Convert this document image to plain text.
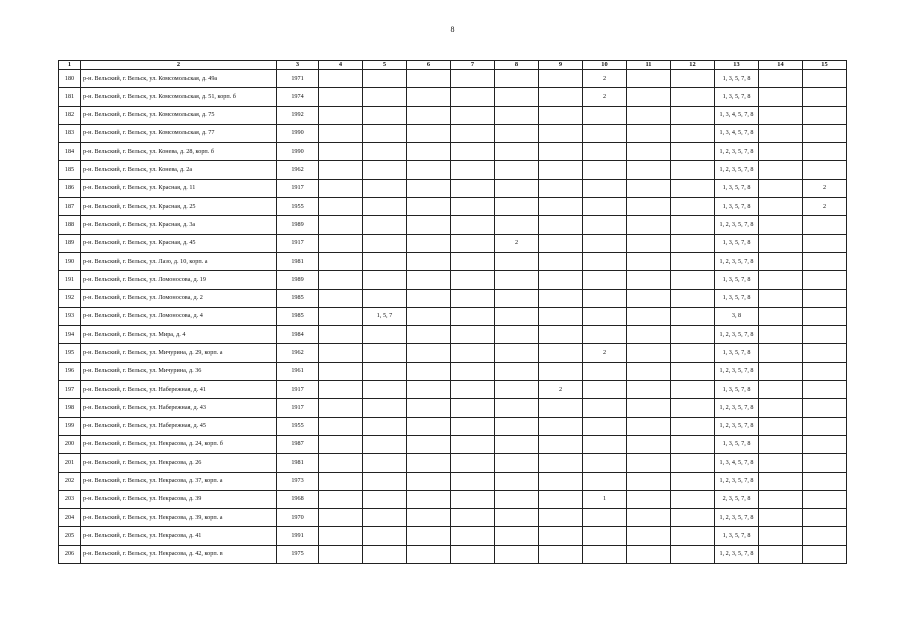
8
1	2	3	4	5	6	7	8	9	10	11	12	13	14	15
180	р-н. Вельский, г. Вельск, ул. Комсомольская, д. 49а	1971							2			1, 3, 5, 7, 8		
181	р-н. Вельский, г. Вельск, ул. Комсомольская, д. 51, корп. б	1974							2			1, 3, 5, 7, 8		
182	р-н. Вельский, г. Вельск, ул. Комсомольская, д. 75	1992										1, 3, 4, 5, 7, 8		
183	р-н. Вельский, г. Вельск, ул. Комсомольская, д. 77	1990										1, 3, 4, 5, 7, 8		
184	р-н. Вельский, г. Вельск, ул. Конева, д. 28, корп. б	1990										1, 2, 3, 5, 7, 8		
185	р-н. Вельский, г. Вельск, ул. Конева, д. 2а	1962										1, 2, 3, 5, 7, 8		
186	р-н. Вельский, г. Вельск, ул. Красная, д. 11	1917										1, 3, 5, 7, 8		2
187	р-н. Вельский, г. Вельск, ул. Красная, д. 25	1955										1, 3, 5, 7, 8		2
188	р-н. Вельский, г. Вельск, ул. Красная, д. 3а	1989										1, 2, 3, 5, 7, 8		
189	р-н. Вельский, г. Вельск, ул. Красная, д. 45	1917					2					1, 3, 5, 7, 8		
190	р-н. Вельский, г. Вельск, ул. Лазо, д. 10, корп. а	1981										1, 2, 3, 5, 7, 8		
191	р-н. Вельский, г. Вельск, ул. Ломоносова, д. 19	1989										1, 3, 5, 7, 8		
192	р-н. Вельский, г. Вельск, ул. Ломоносова, д. 2	1985										1, 3, 5, 7, 8		
193	р-н. Вельский, г. Вельск, ул. Ломоносова, д. 4	1985		1, 5, 7								3, 8		
194	р-н. Вельский, г. Вельск, ул. Мира, д. 4	1984										1, 2, 3, 5, 7, 8		
195	р-н. Вельский, г. Вельск, ул. Мичурина, д. 29, корп. а	1962							2			1, 3, 5, 7, 8		
196	р-н. Вельский, г. Вельск, ул. Мичурина, д. 36	1961										1, 2, 3, 5, 7, 8		
197	р-н. Вельский, г. Вельск, ул. Набережная, д. 41	1917						2				1, 3, 5, 7, 8		
198	р-н. Вельский, г. Вельск, ул. Набережная, д. 43	1917										1, 2, 3, 5, 7, 8		
199	р-н. Вельский, г. Вельск, ул. Набережная, д. 45	1955										1, 2, 3, 5, 7, 8		
200	р-н. Вельский, г. Вельск, ул. Некрасова, д. 24, корп. б	1987										1, 3, 5, 7, 8		
201	р-н. Вельский, г. Вельск, ул. Некрасова, д. 26	1981										1, 3, 4, 5, 7, 8		
202	р-н. Вельский, г. Вельск, ул. Некрасова, д. 37, корп. а	1973										1, 2, 3, 5, 7, 8		
203	р-н. Вельский, г. Вельск, ул. Некрасова, д. 39	1968							1			2, 3, 5, 7, 8		
204	р-н. Вельский, г. Вельск, ул. Некрасова, д. 39, корп. а	1970										1, 2, 3, 5, 7, 8		
205	р-н. Вельский, г. Вельск, ул. Некрасова, д. 41	1991										1, 3, 5, 7, 8		
206	р-н. Вельский, г. Вельск, ул. Некрасова, д. 42, корп. в	1975										1, 2, 3, 5, 7, 8		
